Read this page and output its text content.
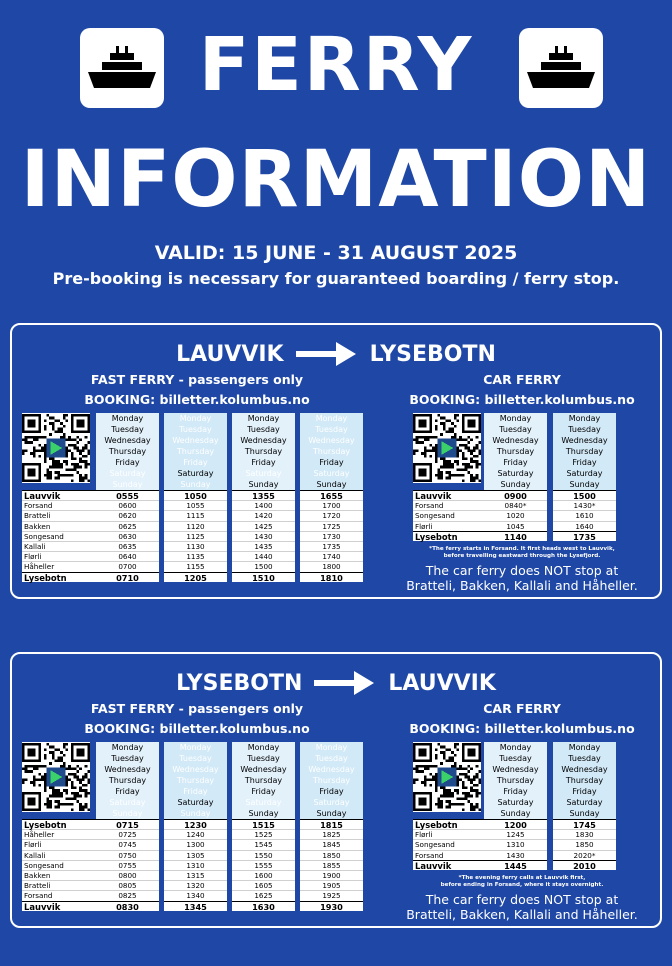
FERRY
INFORMATION
VALID: 15 JUNE - 31 AUGUST 2025
Pre-booking is necessary for guaranteed boarding / ferry stop.
LAUVVIK	LYSEBOTN
FAST FERRY - passengers only
BOOKING: billetter.kolumbus.no
Lauvvik
Forsand
Bratteli
Bakken
Songesand
Kallali
Flørli
Håheller
Lysebotn
Monday
Tuesday
Wednesday
Thursday
Friday
Saturday
Sunday
0555
0600
0620
0625
0630
0635
0640
0700
0710
Monday
Tuesday
Wednesday
Thursday
Friday
Saturday
Sunday
1050
1055
1115
1120
1125
1130
1135
1155
1205
Monday
Tuesday
Wednesday
Thursday
Friday
Saturday
Sunday
1355
1400
1420
1425
1430
1435
1440
1500
1510
Monday
Tuesday
Wednesday
Thursday
Friday
Saturday
Sunday
1655
1700
1720
1725
1730
1735
1740
1800
1810
CAR FERRY
BOOKING: billetter.kolumbus.no
Lauvvik
Forsand
Songesand
Flørli
Lysebotn
Monday
Tuesday
Wednesday
Thursday
Friday
Saturday
Sunday
0900
0840*
1020
1045
1140
Monday
Tuesday
Wednesday
Thursday
Friday
Saturday
Sunday
1500
1430*
1610
1640
1735
*The ferry starts in Forsand. It first heads west to Lauvvik,
before travelling eastward through the Lysefjord.
The car ferry does NOT stop at
Bratteli, Bakken, Kallali and Håheller.
LYSEBOTN	LAUVVIK
FAST FERRY - passengers only
BOOKING: billetter.kolumbus.no
Lysebotn
Håheller
Flørli
Kallali
Songesand
Bakken
Bratteli
Forsand
Lauvvik
Monday
Tuesday
Wednesday
Thursday
Friday
Saturday
Sunday
0715
0725
0745
0750
0755
0800
0805
0825
0830
Monday
Tuesday
Wednesday
Thursday
Friday
Saturday
Sunday
1230
1240
1300
1305
1310
1315
1320
1340
1345
Monday
Tuesday
Wednesday
Thursday
Friday
Saturday
Sunday
1515
1525
1545
1550
1555
1600
1605
1625
1630
Monday
Tuesday
Wednesday
Thursday
Friday
Saturday
Sunday
1815
1825
1845
1850
1855
1900
1905
1925
1930
CAR FERRY
BOOKING: billetter.kolumbus.no
Lysebotn
Flørli
Songesand
Forsand
Lauvvik
Monday
Tuesday
Wednesday
Thursday
Friday
Saturday
Sunday
1200
1245
1310
1430
1445
Monday
Tuesday
Wednesday
Thursday
Friday
Saturday
Sunday
1745
1830
1850
2020*
2010
*The evening ferry calls at Lauvvik first,
before ending in Forsand, where it stays overnight.
The car ferry does NOT stop at
Bratteli, Bakken, Kallali and Håheller.
